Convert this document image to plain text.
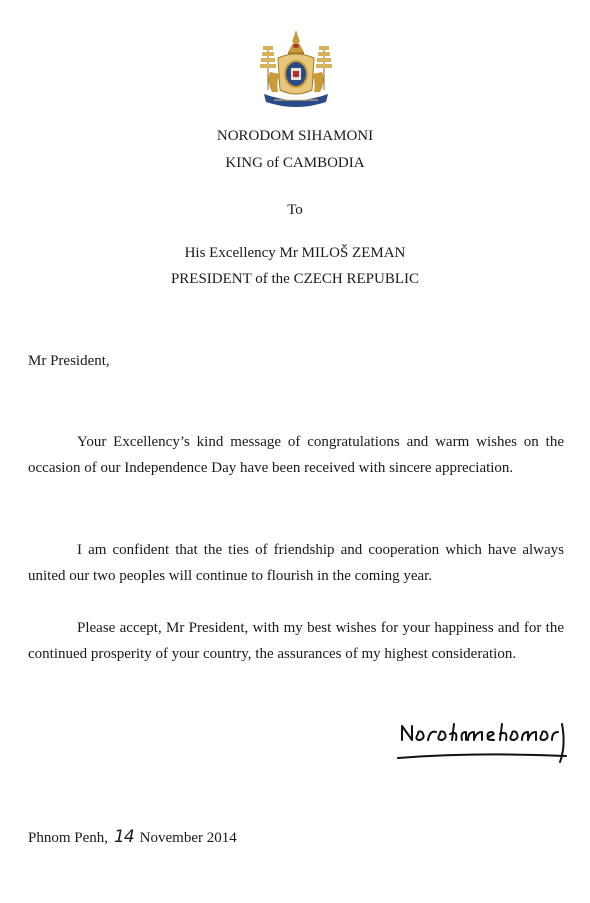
NORODOM SIHAMONI
KING of CAMBODIA
To
His Excellency Mr MILOŠ ZEMAN
PRESIDENT of the CZECH REPUBLIC
Mr President,
Your Excellency’s kind message of congratulations and warm wishes on the occasion of our Independence Day have been received with sincere appreciation.
I am confident that the ties of friendship and cooperation which have always united our two peoples will continue to flourish in the coming year.
Please accept, Mr President, with my best wishes for your happiness and for the continued prosperity of your country, the assurances of my highest consideration.
Phnom Penh, 14 November 2014
